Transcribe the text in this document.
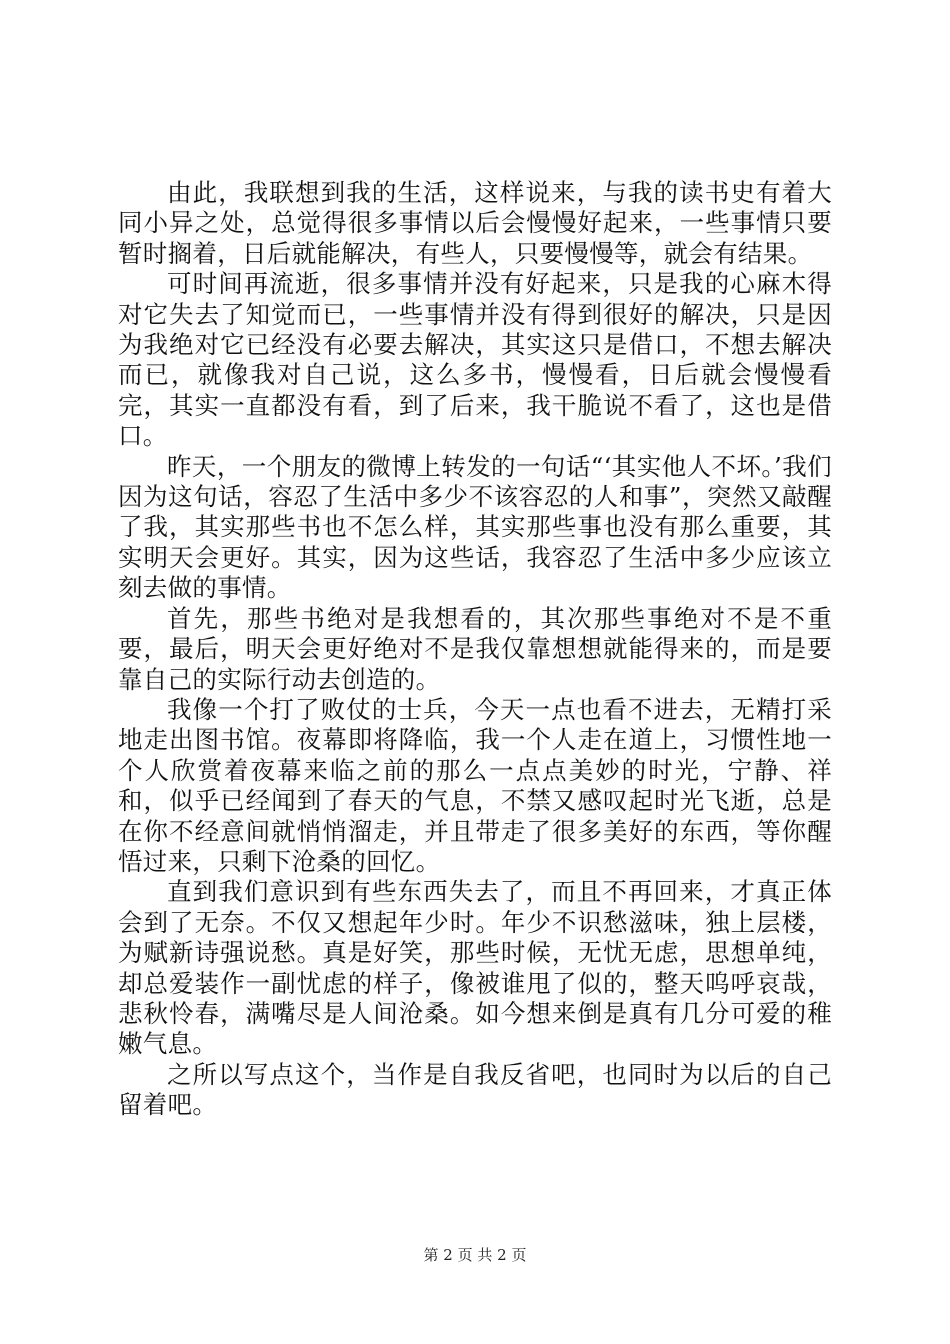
由此，我联想到我的生活，这样说来，与我的读书史有着大同小异之处，总觉得很多事情以后会慢慢好起来，一些事情只要暂时搁着，日后就能解决，有些人，只要慢慢等，就会有结果。

可时间再流逝，很多事情并没有好起来，只是我的心麻木得对它失去了知觉而已，一些事情并没有得到很好的解决，只是因为我绝对它已经没有必要去解决，其实这只是借口，不想去解决而已，就像我对自己说，这么多书，慢慢看，日后就会慢慢看完，其实一直都没有看，到了后来，我干脆说不看了，这也是借口。

昨天，一个朋友的微博上转发的一句话“‘其实他人不坏。’我们因为这句话，容忍了生活中多少不该容忍的人和事”，突然又敲醒了我，其实那些书也不怎么样，其实那些事也没有那么重要，其实明天会更好。其实，因为这些话，我容忍了生活中多少应该立刻去做的事情。

首先，那些书绝对是我想看的，其次那些事绝对不是不重要，最后，明天会更好绝对不是我仅靠想想就能得来的，而是要靠自己的实际行动去创造的。

我像一个打了败仗的士兵，今天一点也看不进去，无精打采地走出图书馆。夜幕即将降临，我一个人走在道上，习惯性地一个人欣赏着夜幕来临之前的那么一点点美妙的时光，宁静、祥和，似乎已经闻到了春天的气息，不禁又感叹起时光飞逝，总是在你不经意间就悄悄溜走，并且带走了很多美好的东西，等你醒悟过来，只剩下沧桑的回忆。

直到我们意识到有些东西失去了，而且不再回来，才真正体会到了无奈。不仅又想起年少时。年少不识愁滋味，独上层楼，为赋新诗强说愁。真是好笑，那些时候，无忧无虑，思想单纯，却总爱装作一副忧虑的样子，像被谁甩了似的，整天呜呼哀哉，悲秋怜春，满嘴尽是人间沧桑。如今想来倒是真有几分可爱的稚嫩气息。

之所以写点这个，当作是自我反省吧，也同时为以后的自己留着吧。

第 2 页 共 2 页
